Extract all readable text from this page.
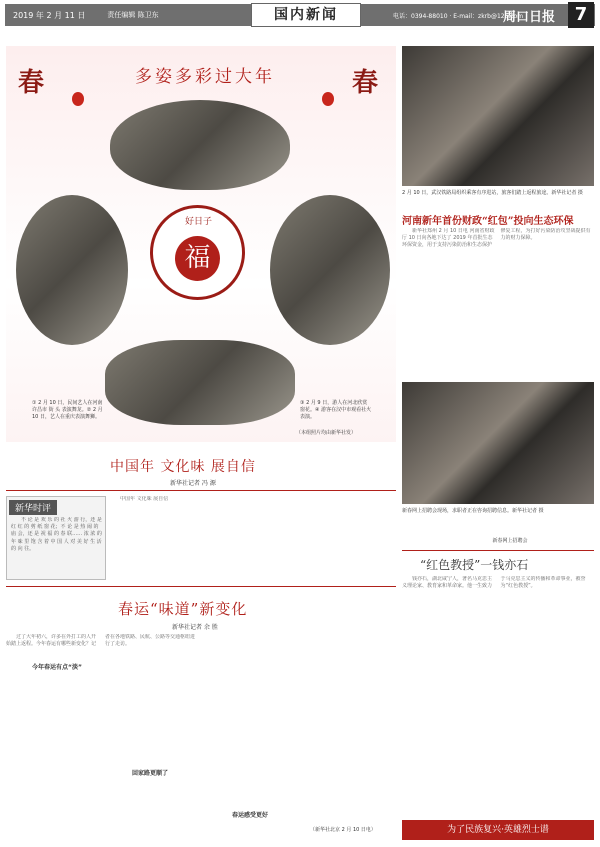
2019 年 2 月 11 日	责任编辑 陈卫东	国内新闻	电话：0394-88010 · E-mail：zkrb@126.com
周口日报	7
春	春
多姿多彩过大年
好日子
福
① 2 月 10 日，民间艺人在河南许昌市 街 头 表演舞龙。② 2 月 10 日，艺人在重庆表演舞狮。
③ 2 月 9 日，游人在河北欣赏窗花。④ 游客在汉中市观看社火表演。
（本组照片均由新华社发）
中国年 文化味 展自信
新华社记者 冯 源
新华时评
不 论 是 欢 乐 的 社 火 游 行，还 是 红 红 的 剪 纸 窗 花；不 论 是 热 闹 的 庙 会，还 是 祝 福 的 春 联…… 浓 浓 的 年 味 里 饱 含 着 中 国 人 对 美 好 生 活 的 向 往。
中国年 文化味 展自信
春运“味道”新变化
新华社记者 余 胜
过了大年初六，许多在外打工的人开始踏上返程。今年春运有哪些新变化？记者在各地铁路、民航、公路等交通枢纽进行了走访。
今年春运有点“淡”
回家路更顺了
春运感受更好
（新华社北京 2 月 10 日电）
2 月 10 日，武汉铁路局组织乘客有序进站，旅客们踏上返程旅途。新华社记者 摄
河南新年首份财政“红包”投向生态环保
新华社郑州 2 月 10 日电 河南省财政厅 10 日向各地下达了 2019 年首批生态环保资金，用于支持污染防治和生态保护修复工程，为打好污染防治攻坚战提供有力的财力保障。
新春网上招聘会现场，求职者正在咨询招聘信息。新华社记者 摄
新春网上招聘会
“红色教授”一钱亦石
钱亦石，湖北咸宁人，著名马克思主义理论家、教育家和革命家。他一生致力于马克思主义的传播和革命事业，被誉为“红色教授”。
为了民族复兴·英雄烈士谱
